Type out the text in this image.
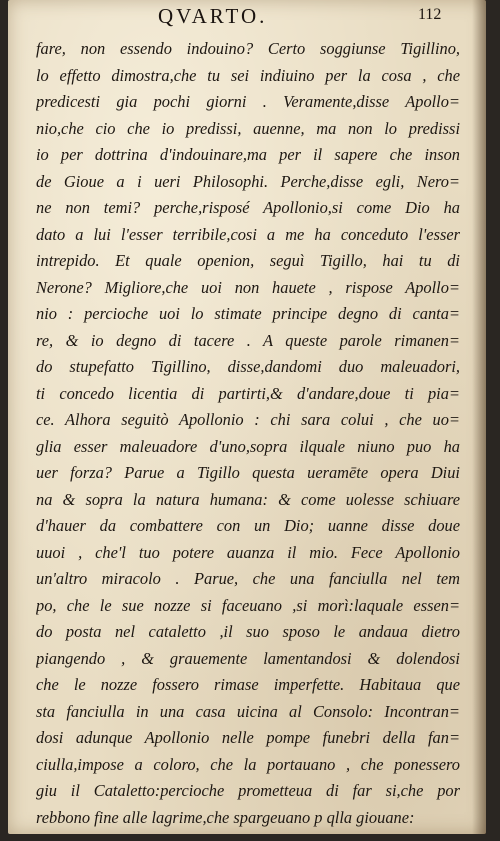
QVARTO.	112
fare, non essendo indouino? Certo soggiunse Tigillino,
lo effetto dimostra,che tu sei indiuino per la cosa , che
predicesti gia pochi giorni . Veramente,disse Apollo=
nio,che cio che io predissi, auenne, ma non lo predissi
io per dottrina d'indouinare,ma per il sapere che inson
de Gioue a i ueri Philosophi. Perche,disse egli, Nero=
ne non temi? perche,risposé Apollonio,si come Dio ha
dato a lui l'esser terribile,cosi a me ha conceduto l'esser
intrepido. Et quale openion, seguì Tigillo, hai tu di
Nerone? Migliore,che uoi non hauete , rispose Apollo=
nio : percioche uoi lo stimate principe degno di canta=
re, & io degno di tacere . A queste parole rimanen=
do stupefatto Tigillino, disse,dandomi duo maleuadori,
ti concedo licentia di partirti,& d'andare,doue ti pia=
ce. Alhora seguitò Apollonio : chi sara colui , che uo=
glia esser maleuadore d'uno,sopra ilquale niuno puo ha
uer forza? Parue a Tigillo questa ueramēte opera Diui
na & sopra la natura humana: & come uolesse schiuare
d'hauer da combattere con un Dio; uanne disse doue
uuoi , che'l tuo potere auanza il mio. Fece Apollonio
un'altro miracolo . Parue, che una fanciulla nel tem
po, che le sue nozze si faceuano ,si morì:laquale essen=
do posta nel cataletto ,il suo sposo le andaua dietro
piangendo , & grauemente lamentandosi & dolendosi
che le nozze fossero rimase imperfette. Habitaua que
sta fanciulla in una casa uicina al Consolo: Incontran=
dosi adunque Apollonio nelle pompe funebri della fan=
ciulla,impose a coloro, che la portauano , che ponessero
giu il Cataletto:percioche prometteua di far si,che por
rebbono fine alle lagrime,che spargeuano p qlla giouane:
